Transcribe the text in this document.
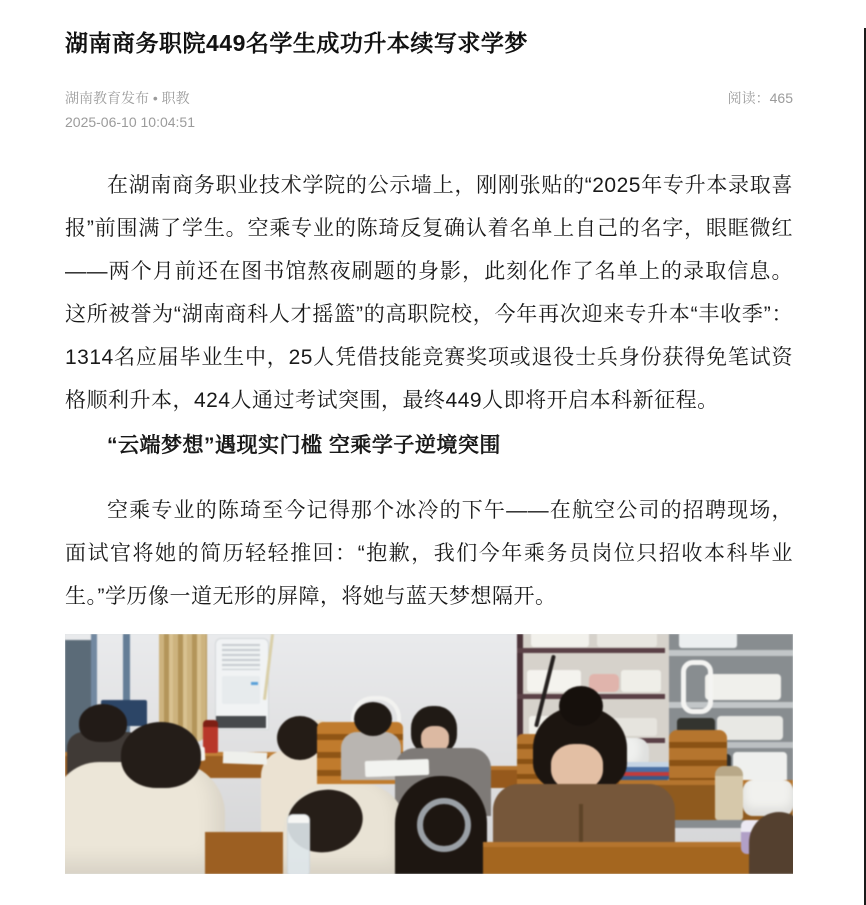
湖南商务职院449名学生成功升本续写求学梦
湖南教育发布 • 职教
2025-06-10 10:04:51
阅读：465

在湖南商务职业技术学院的公示墙上，刚刚张贴的“2025年专升本录取喜报”前围满了学生。空乘专业的陈琦反复确认着名单上自己的名字，眼眶微红——两个月前还在图书馆熬夜刷题的身影，此刻化作了名单上的录取信息。这所被誉为“湖南商科人才摇篮”的高职院校，今年再次迎来专升本“丰收季”：1314名应届毕业生中，25人凭借技能竞赛奖项或退役士兵身份获得免笔试资格顺利升本，424人通过考试突围，最终449人即将开启本科新征程。

“云端梦想”遇现实门槛 空乘学子逆境突围

空乘专业的陈琦至今记得那个冰冷的下午——在航空公司的招聘现场，面试官将她的简历轻轻推回：“抱歉，我们今年乘务员岗位只招收本科毕业生。”学历像一道无形的屏障，将她与蓝天梦想隔开。
